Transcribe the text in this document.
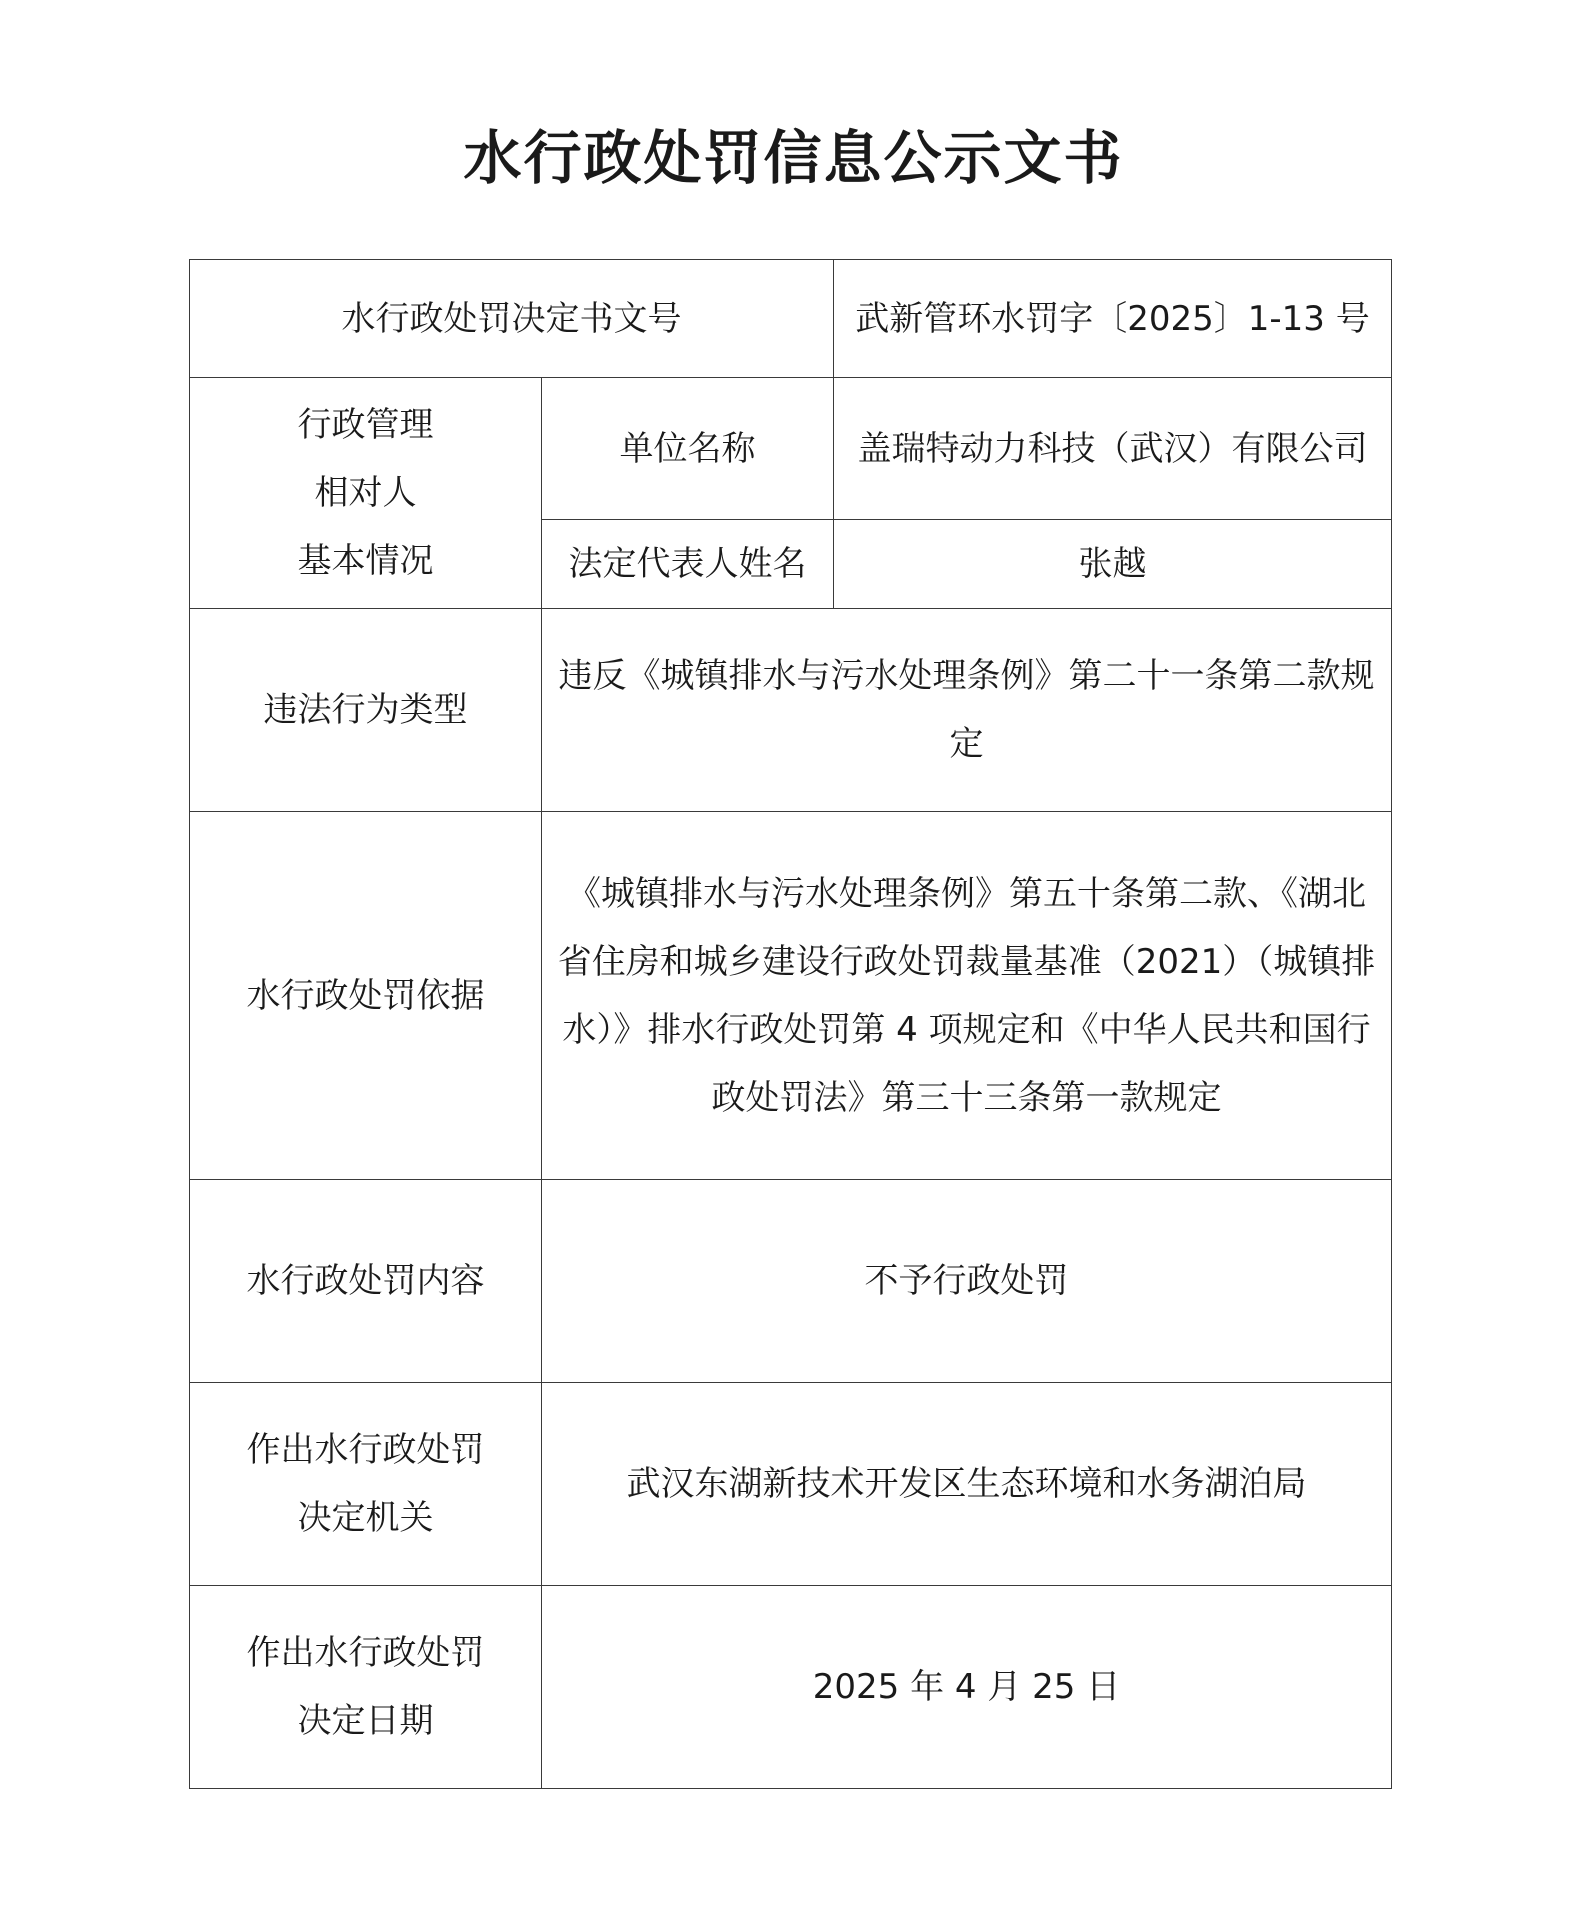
水行政处罚信息公示文书
水行政处罚决定书文号		武新管环水罚字〔2025〕1-13 号

行政管理
相对人
基本情况	单位名称	盖瑞特动力科技（武汉）有限公司
	法定代表人姓名	张越
违法行为类型	违反《城镇排水与污水处理条例》第二十一条第二款规定	
水行政处罚依据	《城镇排水与污水处理条例》第五十条第二款、《湖北省住房和城乡建设行政处罚裁量基准（2021）（城镇排水）》排水行政处罚第 4 项规定和《中华人民共和国行政处罚法》第三十三条第一款规定	
水行政处罚内容	不予行政处罚	

作出水行政处罚
决定机关	武汉东湖新技术开发区生态环境和水务湖泊局	

作出水行政处罚
决定日期	2025 年 4 月 25 日	
